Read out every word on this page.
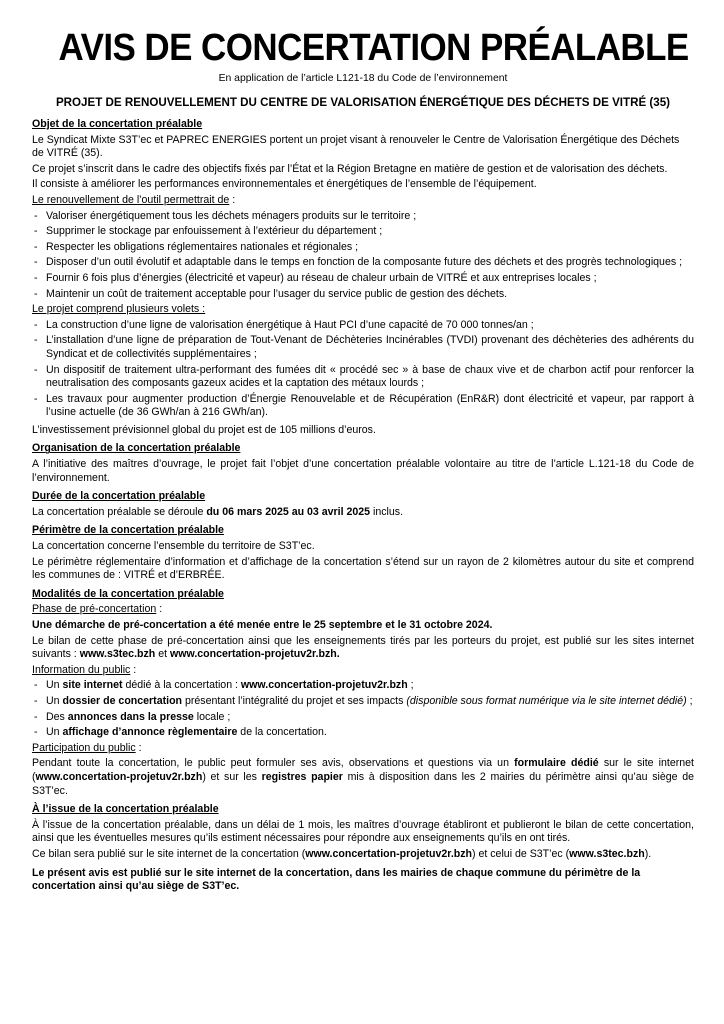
AVIS DE CONCERTATION PRÉALABLE
En application de l’article L121-18 du Code de l’environnement
PROJET DE RENOUVELLEMENT DU CENTRE DE VALORISATION ÉNERGÉTIQUE DES DÉCHETS DE VITRÉ (35)
Objet de la concertation préalable

Le Syndicat Mixte S3T’ec et PAPREC ENERGIES portent un projet visant à renouveler le Centre de Valorisation Énergétique des Déchets de VITRÉ (35).

Ce projet s’inscrit dans le cadre des objectifs fixés par l’État et la Région Bretagne en matière de gestion et de valorisation des déchets.

Il consiste à améliorer les performances environnementales et énergétiques de l’ensemble de l’équipement.

Le renouvellement de l’outil permettrait de :

- Valoriser énergétiquement tous les déchets ménagers produits sur le territoire ;
- Supprimer le stockage par enfouissement à l’extérieur du département ;
- Respecter les obligations réglementaires nationales et régionales ;
- Disposer d’un outil évolutif et adaptable dans le temps en fonction de la composante future des déchets et des progrès technologiques ;
- Fournir 6 fois plus d’énergies (électricité et vapeur) au réseau de chaleur urbain de VITRÉ et aux entreprises locales ;
- Maintenir un coût de traitement acceptable pour l’usager du service public de gestion des déchets.

Le projet comprend plusieurs volets :

- La construction d’une ligne de valorisation énergétique à Haut PCI d’une capacité de 70 000 tonnes/an ;
- L’installation d’une ligne de préparation de Tout-Venant de Déchèteries Incinérables (TVDI) provenant des déchèteries des adhérents du Syndicat et de collectivités supplémentaires ;
- Un dispositif de traitement ultra-performant des fumées dit « procédé sec » à base de chaux vive et de charbon actif pour renforcer la neutralisation des composants gazeux acides et la captation des métaux lourds ;
- Les travaux pour augmenter production d’Énergie Renouvelable et de Récupération (EnR&R) dont électricité et vapeur, par rapport à l’usine actuelle (de 36 GWh/an à 216 GWh/an).

L’investissement prévisionnel global du projet est de 105 millions d’euros.

Organisation de la concertation préalable

A l’initiative des maîtres d’ouvrage, le projet fait l’objet d’une concertation préalable volontaire au titre de l’article L.121-18 du Code de l’environnement.

Durée de la concertation préalable

La concertation préalable se déroule du 06 mars 2025 au 03 avril 2025 inclus.

Périmètre de la concertation préalable

La concertation concerne l’ensemble du territoire de S3T’ec.

Le périmètre réglementaire d’information et d’affichage de la concertation s’étend sur un rayon de 2 kilomètres autour du site et comprend les communes de : VITRÉ et d’ERBRÉE.

Modalités de la concertation préalable

Phase de pré-concertation :

Une démarche de pré-concertation a été menée entre le 25 septembre et le 31 octobre 2024.

Le bilan de cette phase de pré-concertation ainsi que les enseignements tirés par les porteurs du projet, est publié sur les sites internet suivants : www.s3tec.bzh et www.concertation-projetuv2r.bzh.

Information du public :

- Un site internet dédié à la concertation : www.concertation-projetuv2r.bzh ;
- Un dossier de concertation présentant l’intégralité du projet et ses impacts (disponible sous format numérique via le site internet dédié) ;
- Des annonces dans la presse locale ;
- Un affichage d’annonce règlementaire de la concertation.

Participation du public :

Pendant toute la concertation, le public peut formuler ses avis, observations et questions via un formulaire dédié sur le site internet (www.concertation-projetuv2r.bzh) et sur les registres papier mis à disposition dans les 2 mairies du périmètre ainsi qu’au siège de S3T’ec.

À l’issue de la concertation préalable

À l’issue de la concertation préalable, dans un délai de 1 mois, les maîtres d’ouvrage établiront et publieront le bilan de cette concertation, ainsi que les éventuelles mesures qu’ils estiment nécessaires pour répondre aux enseignements qu’ils en ont tirés.

Ce bilan sera publié sur le site internet de la concertation (www.concertation-projetuv2r.bzh) et celui de S3T’ec (www.s3tec.bzh).

Le présent avis est publié sur le site internet de la concertation, dans les mairies de chaque commune du périmètre de la concertation ainsi qu’au siège de S3T’ec.
